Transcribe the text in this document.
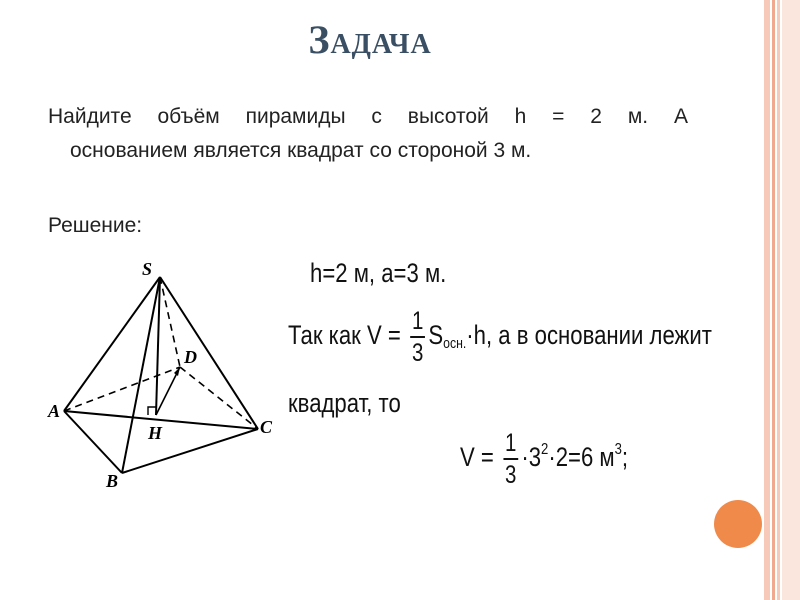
Задача
Найдите объём пирамиды с высотой h = 2 м. А
основанием является квадрат со стороной 3 м.
Решение:
S
D
A
H	C
B
h=2 м, а=3 м.
Так как $V = \frac{1}{3} S_{осн.}\cdot h$, а в основании лежит
квадрат, то
$V = \frac{1}{3} \cdot 3^2\cdot 2=6$ $м^3$;
